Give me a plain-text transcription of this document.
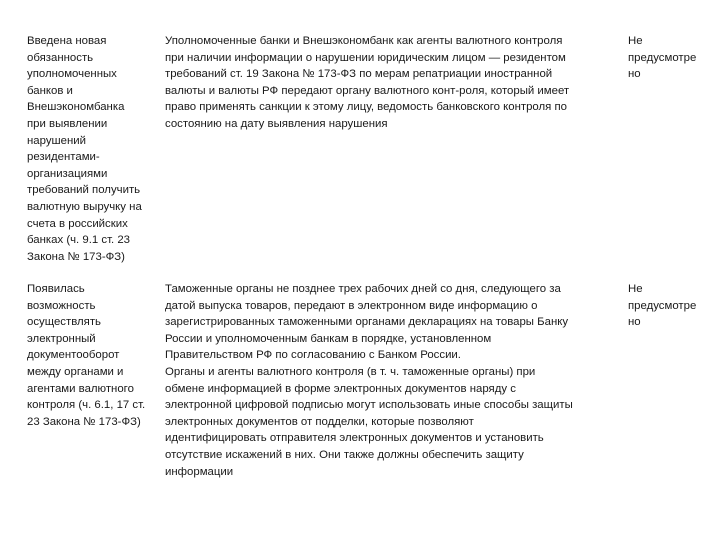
Введена новая
обязанность
уполномоченных
банков и
Внешэкономбанка
при выявлении
нарушений
резидентами-
организациями
требований получить
валютную выручку на
счета в российских
банках (ч. 9.1 ст. 23
Закона № 173-ФЗ)
Уполномоченные банки и Внешэкономбанк как агенты валютного контроля
при наличии информации о нарушении юридическим лицом — резидентом
требований ст. 19 Закона № 173-ФЗ по мерам репатриации иностранной
валюты и валюты РФ передают органу валютного конт-роля, который имеет
право применять санкции к этому лицу, ведомость банковского контроля по
состоянию на дату выявления нарушения
Не
предусмотре
но
Появилась
возможность
осуществлять
электронный
документооборот
между органами и
агентами валютного
контроля (ч. 6.1, 17 ст.
23 Закона № 173-ФЗ)
Таможенные органы не позднее трех рабочих дней со дня, следующего за
датой выпуска товаров, передают в электронном виде информацию о
зарегистрированных таможенными органами декларациях на товары Банку
России и уполномоченным банкам в порядке, установленном
Правительством РФ по согласованию с Банком России.
Органы и агенты валютного контроля (в т. ч. таможенные органы) при
обмене информацией в форме электронных документов наряду с
электронной цифровой подписью могут использовать иные способы защиты
электронных документов от подделки, которые позволяют
идентифицировать отправителя электронных документов и установить
отсутствие искажений в них. Они также должны обеспечить защиту
информации
Не
предусмотре
но
